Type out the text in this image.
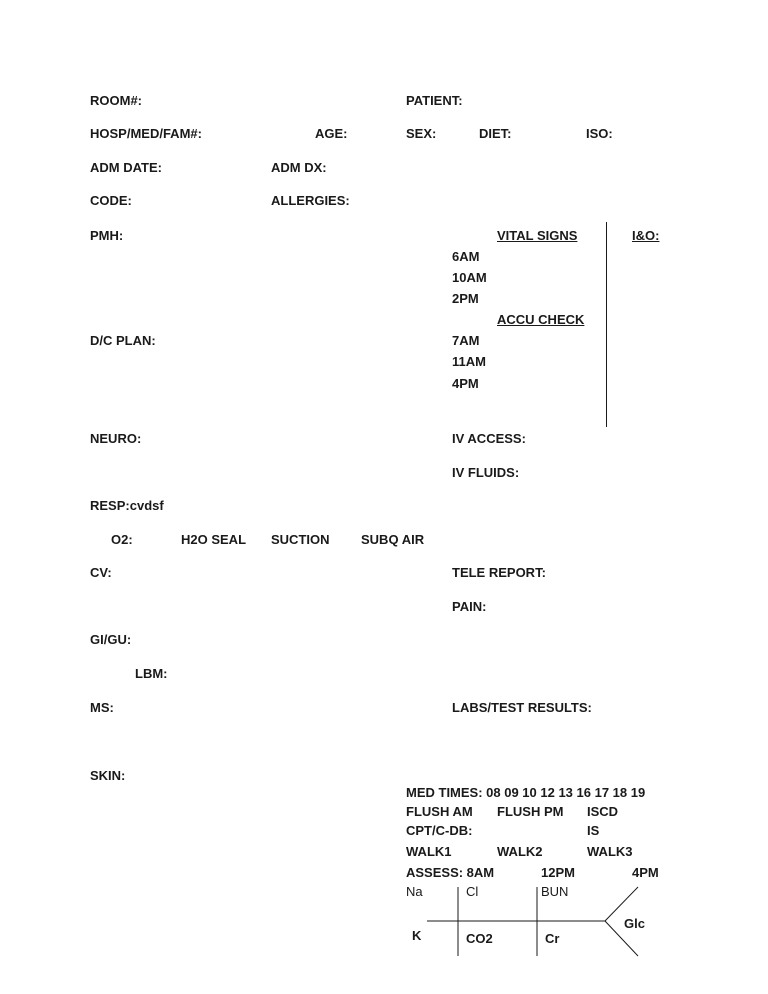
ROOM#:	PATIENT:
HOSP/MED/FAM#:	AGE:	SEX:	DIET:	ISO:
ADM DATE:	ADM DX:
CODE:	ALLERGIES:
PMH:
D/C PLAN:
NEURO:
RESP:cvdsf
O2:	H2O SEAL SUCTION SUBQ AIR
CV:
GI/GU:
LBM:
MS:
SKIN:
VITAL SIGNS	I&O:
6AM
10AM
2PM
ACCU CHECK
7AM
11AM
4PM
IV ACCESS:
IV FLUIDS:
TELE REPORT:
PAIN:
LABS/TEST RESULTS:
MED TIMES: 08 09 10 12 13 16 17 18 19
FLUSH AM FLUSH PM ISCD
CPT/C-DB:	IS
WALK1	WALK2	WALK3
ASSESS: 8AM	12PM	4PM
Na	Cl	BUN
K	CO2	Cr
Glc
